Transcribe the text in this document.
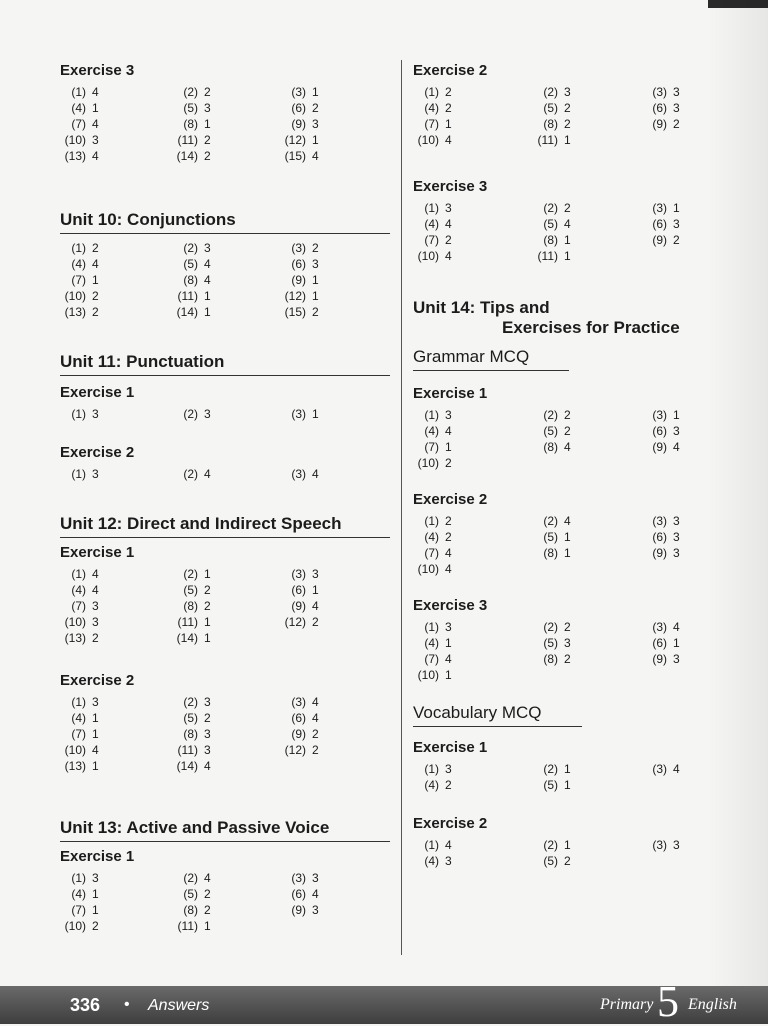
Exercise 3
(1) 4	(2) 2	(3) 1
(4) 1	(5) 3	(6) 2
(7) 4	(8) 1	(9) 3
(10) 3	(11) 2	(12) 1
(13) 4	(14) 2	(15) 4
Unit 10: Conjunctions
(1) 2	(2) 3	(3) 2
(4) 4	(5) 4	(6) 3
(7) 1	(8) 4	(9) 1
(10) 2	(11) 1	(12) 1
(13) 2	(14) 1	(15) 2
Unit 11: Punctuation
Exercise 1
(1) 3	(2) 3	(3) 1
Exercise 2
(1) 3	(2) 4	(3) 4
Unit 12: Direct and Indirect Speech
Exercise 1
(1) 4	(2) 1	(3) 3
(4) 4	(5) 2	(6) 1
(7) 3	(8) 2	(9) 4
(10) 3	(11) 1	(12) 2
(13) 2	(14) 1
Exercise 2
(1) 3	(2) 3	(3) 4
(4) 1	(5) 2	(6) 4
(7) 1	(8) 3	(9) 2
(10) 4	(11) 3	(12) 2
(13) 1	(14) 4
Unit 13: Active and Passive Voice
Exercise 1
(1) 3	(2) 4	(3) 3
(4) 1	(5) 2	(6) 4
(7) 1	(8) 2	(9) 3
(10) 2	(11) 1
Exercise 2
(1) 2	(2) 3	(3) 3
(4) 2	(5) 2	(6) 3
(7) 1	(8) 2	(9) 2
(10) 4	(11) 1
Exercise 3
(1) 3	(2) 2	(3) 1
(4) 4	(5) 4	(6) 3
(7) 2	(8) 1	(9) 2
(10) 4	(11) 1
Unit 14: Tips and
Exercises for Practice
Grammar MCQ
Exercise 1
(1) 3	(2) 2	(3) 1
(4) 4	(5) 2	(6) 3
(7) 1	(8) 4	(9) 4
(10) 2
Exercise 2
(1) 2	(2) 4	(3) 3
(4) 2	(5) 1	(6) 3
(7) 4	(8) 1	(9) 3
(10) 4
Exercise 3
(1) 3	(2) 2	(3) 4
(4) 1	(5) 3	(6) 1
(7) 4	(8) 2	(9) 3
(10) 1
Vocabulary MCQ
Exercise 1
(1) 3	(2) 1	(3) 4
(4) 2	(5) 1
Exercise 2
(1) 4	(2) 1	(3) 3
(4) 3	(5) 2
336 • Answers	Primary 5 English
